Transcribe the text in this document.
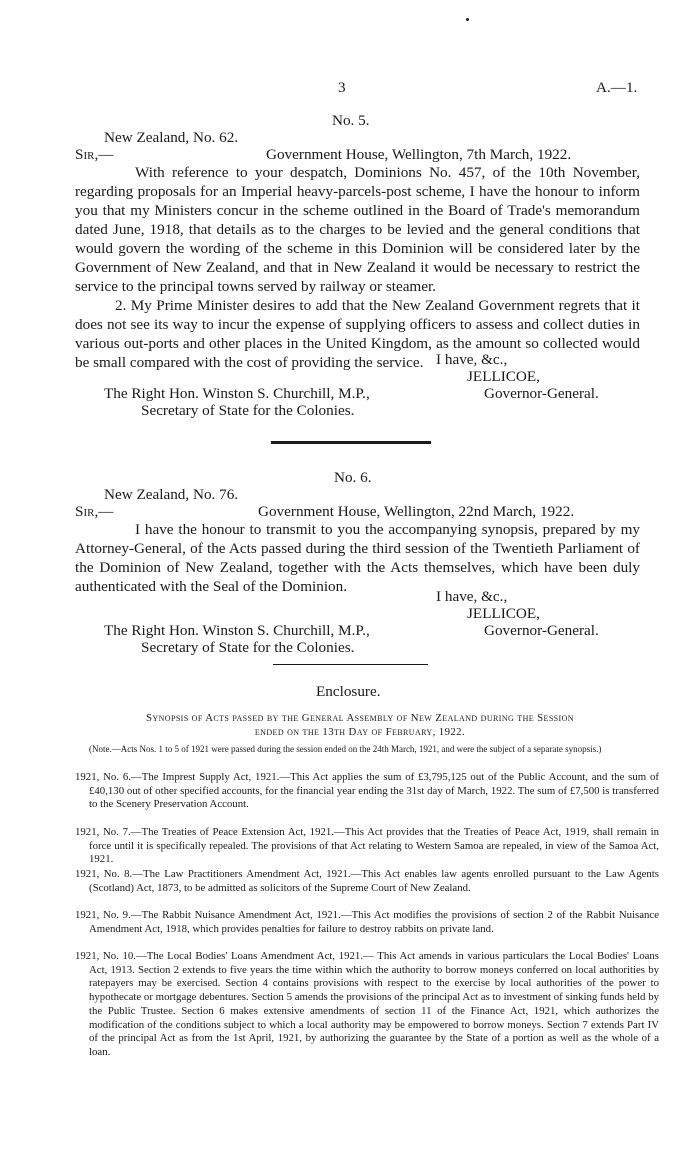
3	A.—1.
No. 5.
New Zealand, No. 62.
Sir,—	Government House, Wellington, 7th March, 1922.
With reference to your despatch, Dominions No. 457, of the 10th November, regarding proposals for an Imperial heavy-parcels-post scheme, I have the honour to inform you that my Ministers concur in the scheme outlined in the Board of Trade's memorandum dated June, 1918, that details as to the charges to be levied and the general conditions that would govern the wording of the scheme in this Dominion will be considered later by the Government of New Zealand, and that in New Zealand it would be necessary to restrict the service to the principal towns served by railway or steamer.
2. My Prime Minister desires to add that the New Zealand Government regrets that it does not see its way to incur the expense of supplying officers to assess and collect duties in various out-ports and other places in the United Kingdom, as the amount so collected would be small compared with the cost of providing the service. I have, &c.,
JELLICOE,
The Right Hon. Winston S. Churchill, M.P.,	Governor-General.
Secretary of State for the Colonies.
No. 6.
New Zealand, No. 76.
Sir,—	Government House, Wellington, 22nd March, 1922.
I have the honour to transmit to you the accompanying synopsis, prepared by my Attorney-General, of the Acts passed during the third session of the Twentieth Parliament of the Dominion of New Zealand, together with the Acts themselves, which have been duly authenticated with the Seal of the Dominion.
I have, &c.,
JELLICOE,
The Right Hon. Winston S. Churchill, M.P.,	Governor-General.
Secretary of State for the Colonies.
Enclosure.
Synopsis of Acts passed by the General Assembly of New Zealand during the Session
ended on the 13th Day of February, 1922.
(Note.—Acts Nos. 1 to 5 of 1921 were passed during the session ended on the 24th March, 1921, and were the subject of a separate synopsis.)
1921, No. 6.—The Imprest Supply Act, 1921.—This Act applies the sum of £3,795,125 out of the Public Account, and the sum of £40,130 out of other specified accounts, for the financial year ending the 31st day of March, 1922. The sum of £7,500 is transferred to the Scenery Preservation Account.
1921, No. 7.—The Treaties of Peace Extension Act, 1921.—This Act provides that the Treaties of Peace Act, 1919, shall remain in force until it is specifically repealed. The provisions of that Act relating to Western Samoa are repealed, in view of the Samoa Act, 1921.
1921, No. 8.—The Law Practitioners Amendment Act, 1921.—This Act enables law agents enrolled pursuant to the Law Agents (Scotland) Act, 1873, to be admitted as solicitors of the Supreme Court of New Zealand.
1921, No. 9.—The Rabbit Nuisance Amendment Act, 1921.—This Act modifies the provisions of section 2 of the Rabbit Nuisance Amendment Act, 1918, which provides penalties for failure to destroy rabbits on private land.
1921, No. 10.—The Local Bodies' Loans Amendment Act, 1921.— This Act amends in various particulars the Local Bodies' Loans Act, 1913. Section 2 extends to five years the time within which the authority to borrow moneys conferred on local authorities by ratepayers may be exercised. Section 4 contains provisions with respect to the exercise by local authorities of the power to hypothecate or mortgage debentures. Section 5 amends the provisions of the principal Act as to investment of sinking funds held by the Public Trustee. Section 6 makes extensive amendments of section 11 of the Finance Act, 1921, which authorizes the modification of the conditions subject to which a local authority may be empowered to borrow moneys. Section 7 extends Part IV of the principal Act as from the 1st April, 1921, by authorizing the guarantee by the State of a portion as well as the whole of a loan.
